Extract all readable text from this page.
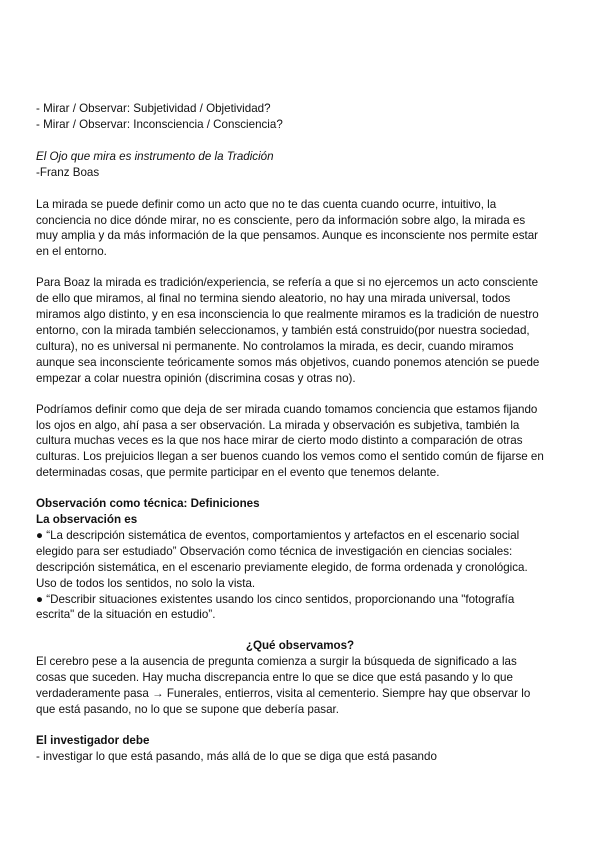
- Mirar / Observar: Subjetividad / Objetividad?
- Mirar / Observar: Inconsciencia / Consciencia?
El Ojo que mira es instrumento de la Tradición
-Franz Boas
La mirada se puede definir como un acto que no te das cuenta cuando ocurre, intuitivo, la
conciencia no dice dónde mirar, no es consciente, pero da información sobre algo, la mirada es
muy amplia y da más información de la que pensamos. Aunque es inconsciente nos permite estar
en el entorno.
Para Boaz la mirada es tradición/experiencia, se refería a que si no ejercemos un acto consciente
de ello que miramos, al final no termina siendo aleatorio, no hay una mirada universal, todos
miramos algo distinto, y en esa inconsciencia lo que realmente miramos es la tradición de nuestro
entorno, con la mirada también seleccionamos, y también está construido(por nuestra sociedad,
cultura), no es universal ni permanente. No controlamos la mirada, es decir, cuando miramos
aunque sea inconsciente teóricamente somos más objetivos, cuando ponemos atención se puede
empezar a colar nuestra opinión (discrimina cosas y otras no).
Podríamos definir como que deja de ser mirada cuando tomamos conciencia que estamos fijando
los ojos en algo, ahí pasa a ser observación. La mirada y observación es subjetiva, también la
cultura muchas veces es la que nos hace mirar de cierto modo distinto a comparación de otras
culturas. Los prejuicios llegan a ser buenos cuando los vemos como el sentido común de fijarse en
determinadas cosas, que permite participar en el evento que tenemos delante.
Observación como técnica: Definiciones
La observación es
● “La descripción sistemática de eventos, comportamientos y artefactos en el escenario social
elegido para ser estudiado” Observación como técnica de investigación en ciencias sociales:
descripción sistemática, en el escenario previamente elegido, de forma ordenada y cronológica.
Uso de todos los sentidos, no solo la vista.
● “Describir situaciones existentes usando los cinco sentidos, proporcionando una "fotografía
escrita" de la situación en estudio”.
¿Qué observamos?
El cerebro pese a la ausencia de pregunta comienza a surgir la búsqueda de significado a las
cosas que suceden. Hay mucha discrepancia entre lo que se dice que está pasando y lo que
verdaderamente pasa → Funerales, entierros, visita al cementerio. Siempre hay que observar lo
que está pasando, no lo que se supone que debería pasar.
El investigador debe
- investigar lo que está pasando, más allá de lo que se diga que está pasando
